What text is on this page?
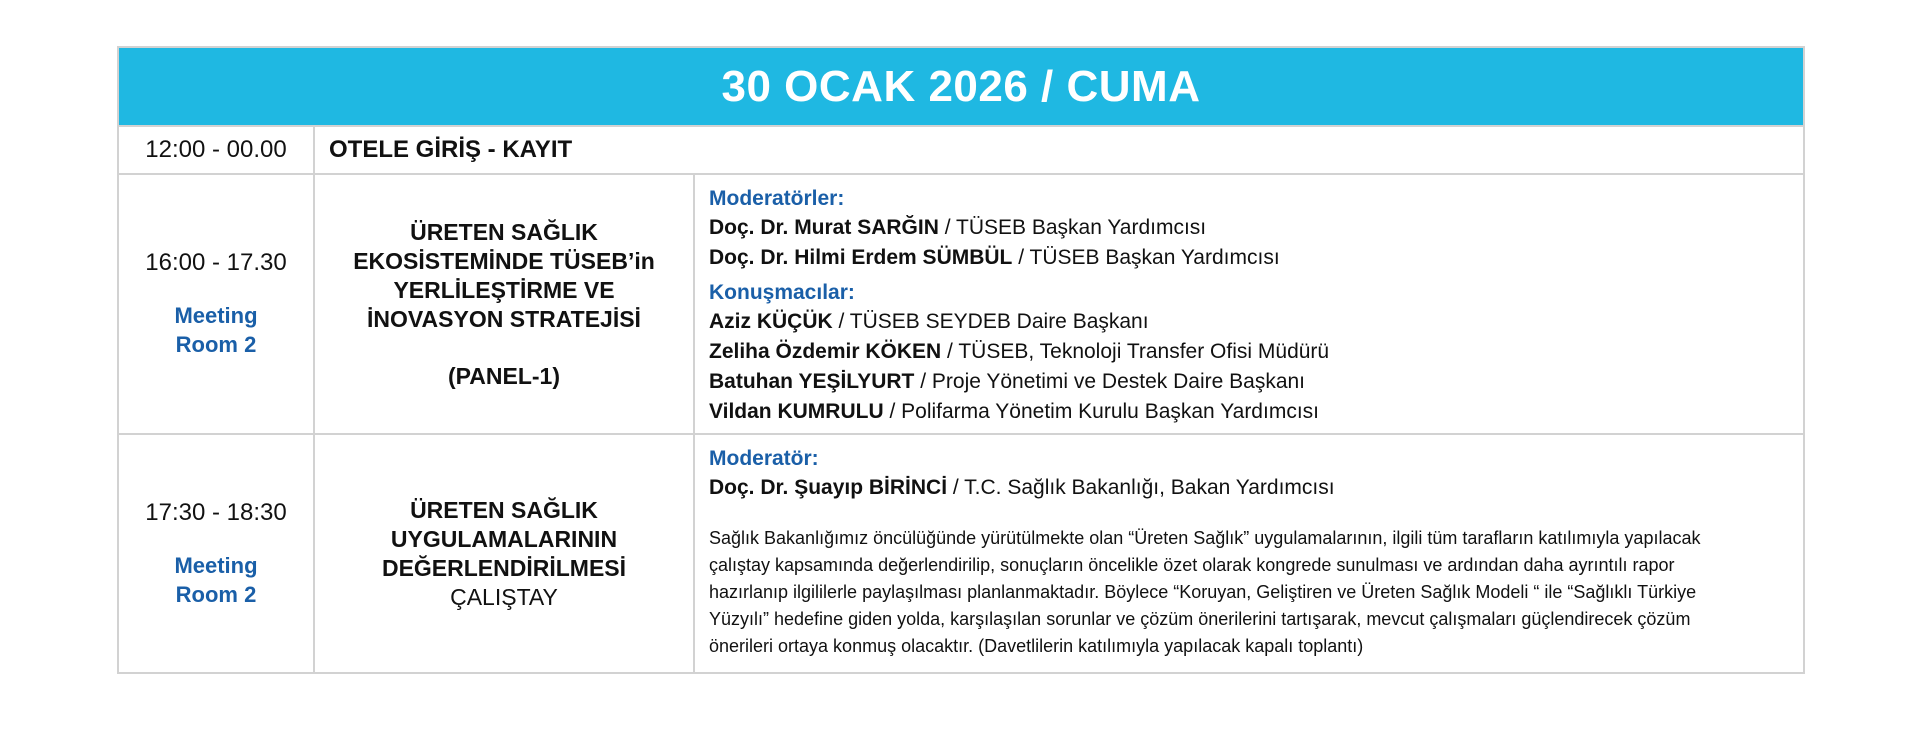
30 OCAK 2026 / CUMA
12:00 - 00.00	OTELE GİRİŞ - KAYIT
16:00 - 17.30
Meeting
Room 2
ÜRETEN SAĞLIK
EKOSİSTEMİNDE TÜSEB’in
YERLİLEŞTİRME VE
İNOVASYON STRATEJİSİ
(PANEL-1)
Moderatörler:
Doç. Dr. Murat SARĞIN / TÜSEB Başkan Yardımcısı
Doç. Dr. Hilmi Erdem SÜMBÜL / TÜSEB Başkan Yardımcısı
Konuşmacılar:
Aziz KÜÇÜK / TÜSEB SEYDEB Daire Başkanı
Zeliha Özdemir KÖKEN / TÜSEB, Teknoloji Transfer Ofisi Müdürü
Batuhan YEŞİLYURT / Proje Yönetimi ve Destek Daire Başkanı
Vildan KUMRULU / Polifarma Yönetim Kurulu Başkan Yardımcısı
17:30 - 18:30
Meeting
Room 2
ÜRETEN SAĞLIK
UYGULAMALARININ
DEĞERLENDİRİLMESİ
ÇALIŞTAY
Moderatör:
Doç. Dr. Şuayıp BİRİNCİ / T.C. Sağlık Bakanlığı, Bakan Yardımcısı
Sağlık Bakanlığımız öncülüğünde yürütülmekte olan “Üreten Sağlık” uygulamalarının, ilgili tüm tarafların katılımıyla yapılacak
çalıştay kapsamında değerlendirilip, sonuçların öncelikle özet olarak kongrede sunulması ve ardından daha ayrıntılı rapor
hazırlanıp ilgililerle paylaşılması planlanmaktadır. Böylece “Koruyan, Geliştiren ve Üreten Sağlık Modeli “ ile “Sağlıklı Türkiye
Yüzyılı” hedefine giden yolda, karşılaşılan sorunlar ve çözüm önerilerini tartışarak, mevcut çalışmaları güçlendirecek çözüm
önerileri ortaya konmuş olacaktır. (Davetlilerin katılımıyla yapılacak kapalı toplantı)
